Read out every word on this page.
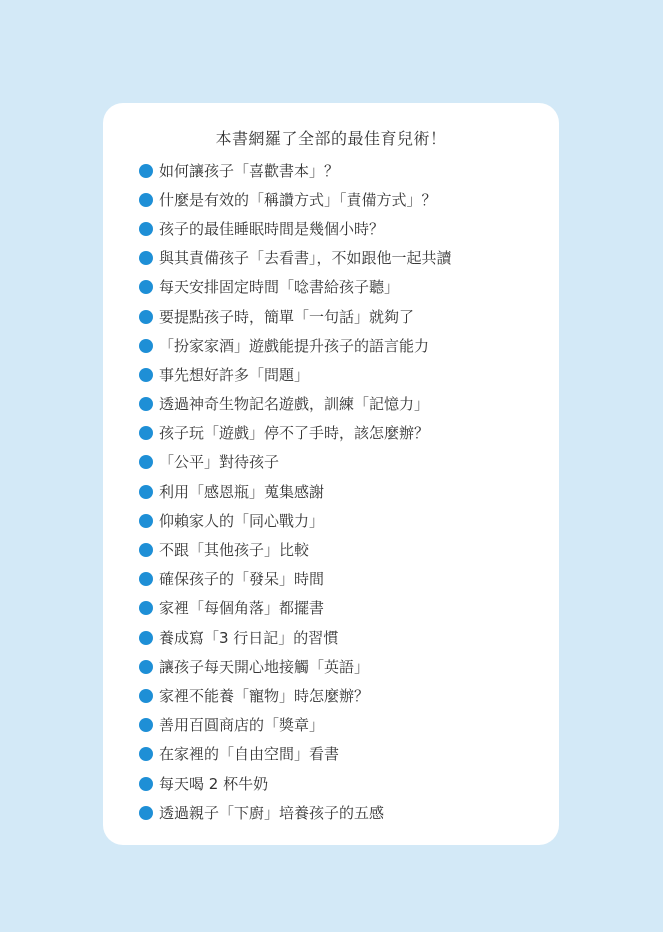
本書網羅了全部的最佳育兒術！
如何讓孩子「喜歡書本」？
什麼是有效的「稱讚方式」「責備方式」？
孩子的最佳睡眠時間是幾個小時？
與其責備孩子「去看書」，不如跟他一起共讀
每天安排固定時間「唸書給孩子聽」
要提點孩子時，簡單「一句話」就夠了
「扮家家酒」遊戲能提升孩子的語言能力
事先想好許多「問題」
透過神奇生物記名遊戲，訓練「記憶力」
孩子玩「遊戲」停不了手時，該怎麼辦？
「公平」對待孩子
利用「感恩瓶」蒐集感謝
仰賴家人的「同心戰力」
不跟「其他孩子」比較
確保孩子的「發呆」時間
家裡「每個角落」都擺書
養成寫「3 行日記」的習慣
讓孩子每天開心地接觸「英語」
家裡不能養「寵物」時怎麼辦？
善用百圓商店的「獎章」
在家裡的「自由空間」看書
每天喝 2 杯牛奶
透過親子「下廚」培養孩子的五感
